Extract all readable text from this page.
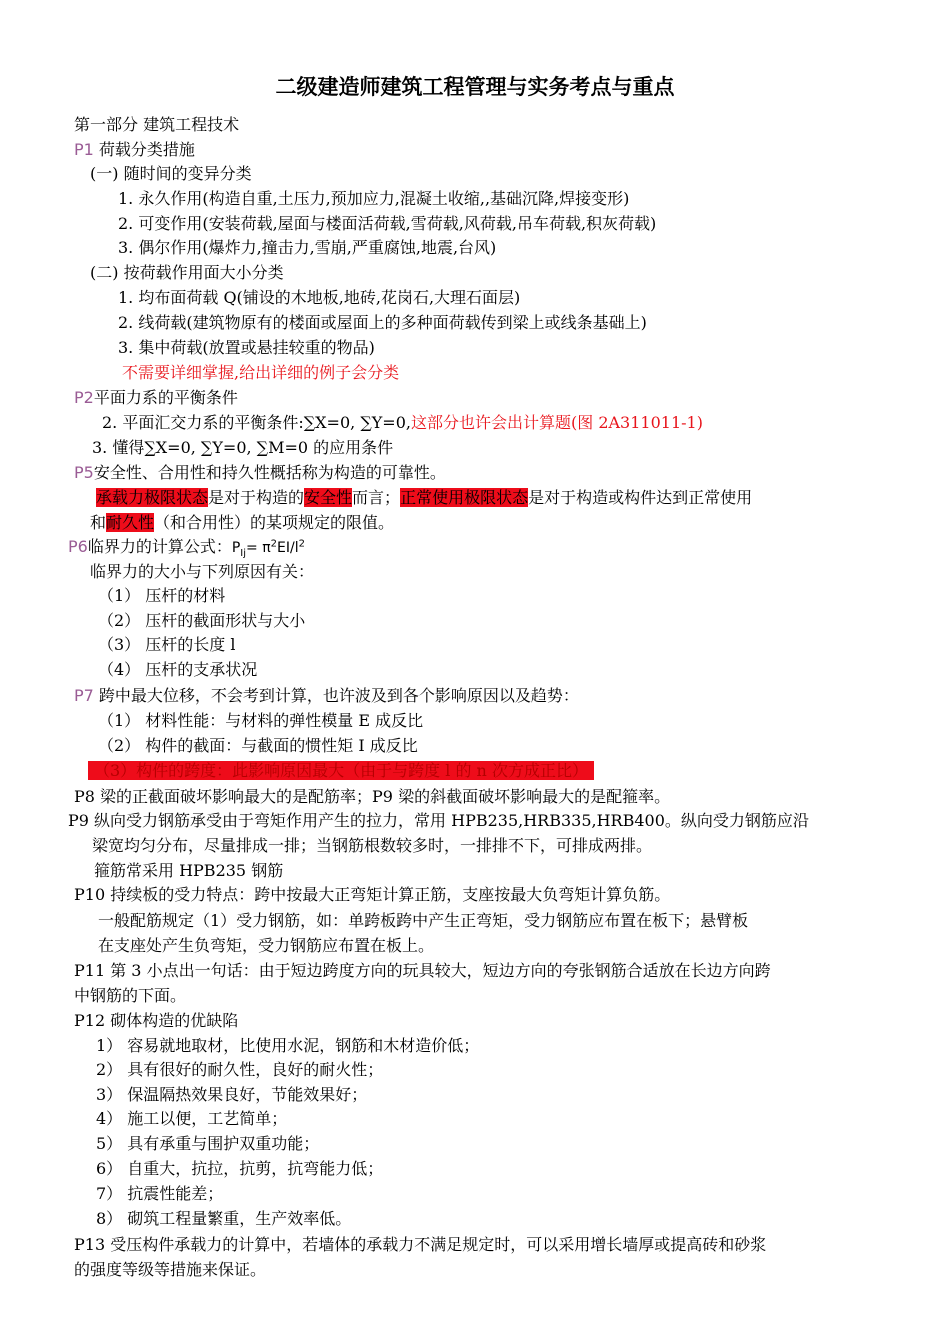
二级建造师建筑工程管理与实务考点与重点
第一部分 建筑工程技术
P1 荷载分类措施
(一) 随时间的变异分类
1. 永久作用(构造自重,土压力,预加应力,混凝土收缩,,基础沉降,焊接变形)
2. 可变作用(安装荷载,屋面与楼面活荷载,雪荷载,风荷载,吊车荷载,积灰荷载)
3. 偶尔作用(爆炸力,撞击力,雪崩,严重腐蚀,地震,台风)
(二) 按荷载作用面大小分类
1. 均布面荷载 Q(铺设的木地板,地砖,花岗石,大理石面层)
2. 线荷载(建筑物原有的楼面或屋面上的多种面荷载传到梁上或线条基础上)
3. 集中荷载(放置或悬挂较重的物品)
不需要详细掌握,给出详细的例子会分类
P2平面力系的平衡条件
2. 平面汇交力系的平衡条件:∑X=0, ∑Y=0,这部分也许会出计算题(图 2A311011-1)
3. 懂得∑X=0, ∑Y=0, ∑M=0 的应用条件
P5安全性、合用性和持久性概括称为构造的可靠性。
承载力极限状态是对于构造的安全性而言；正常使用极限状态是对于构造或构件达到正常使用
和耐久性（和合用性）的某项规定的限值。
P6临界力的计算公式：$P_{Ij}= \pi^2EI/l^2$
临界力的大小与下列原因有关：
（1） 压杆的材料
（2） 压杆的截面形状与大小
（3） 压杆的长度 l
（4） 压杆的支承状况
P7 跨中最大位移，不会考到计算，也许波及到各个影响原因以及趋势：
（1） 材料性能：与材料的弹性模量 E 成反比
（2） 构件的截面：与截面的惯性矩 I 成反比
（3）构件的跨度：此影响原因最大（由于与跨度 l 的 n 次方成正比）
P8 梁的正截面破坏影响最大的是配筋率；P9 梁的斜截面破坏影响最大的是配箍率。
P9 纵向受力钢筋承受由于弯矩作用产生的拉力，常用 HPB235,HRB335,HRB400。纵向受力钢筋应沿
梁宽均匀分布，尽量排成一排；当钢筋根数较多时，一排排不下，可排成两排。
箍筋常采用 HPB235 钢筋
P10 持续板的受力特点：跨中按最大正弯矩计算正筋，支座按最大负弯矩计算负筋。
一般配筋规定（1）受力钢筋，如：单跨板跨中产生正弯矩，受力钢筋应布置在板下；悬臂板
在支座处产生负弯矩，受力钢筋应布置在板上。
P11 第 3 小点出一句话：由于短边跨度方向的玩具较大，短边方向的夸张钢筋合适放在长边方向跨
中钢筋的下面。
P12 砌体构造的优缺陷
1） 容易就地取材，比使用水泥，钢筋和木材造价低；
2） 具有很好的耐久性，良好的耐火性；
3） 保温隔热效果良好，节能效果好；
4） 施工以便，工艺简单；
5） 具有承重与围护双重功能；
6） 自重大，抗拉，抗剪，抗弯能力低；
7） 抗震性能差；
8） 砌筑工程量繁重，生产效率低。
P13 受压构件承载力的计算中，若墙体的承载力不满足规定时，可以采用增长墙厚或提高砖和砂浆
的强度等级等措施来保证。
